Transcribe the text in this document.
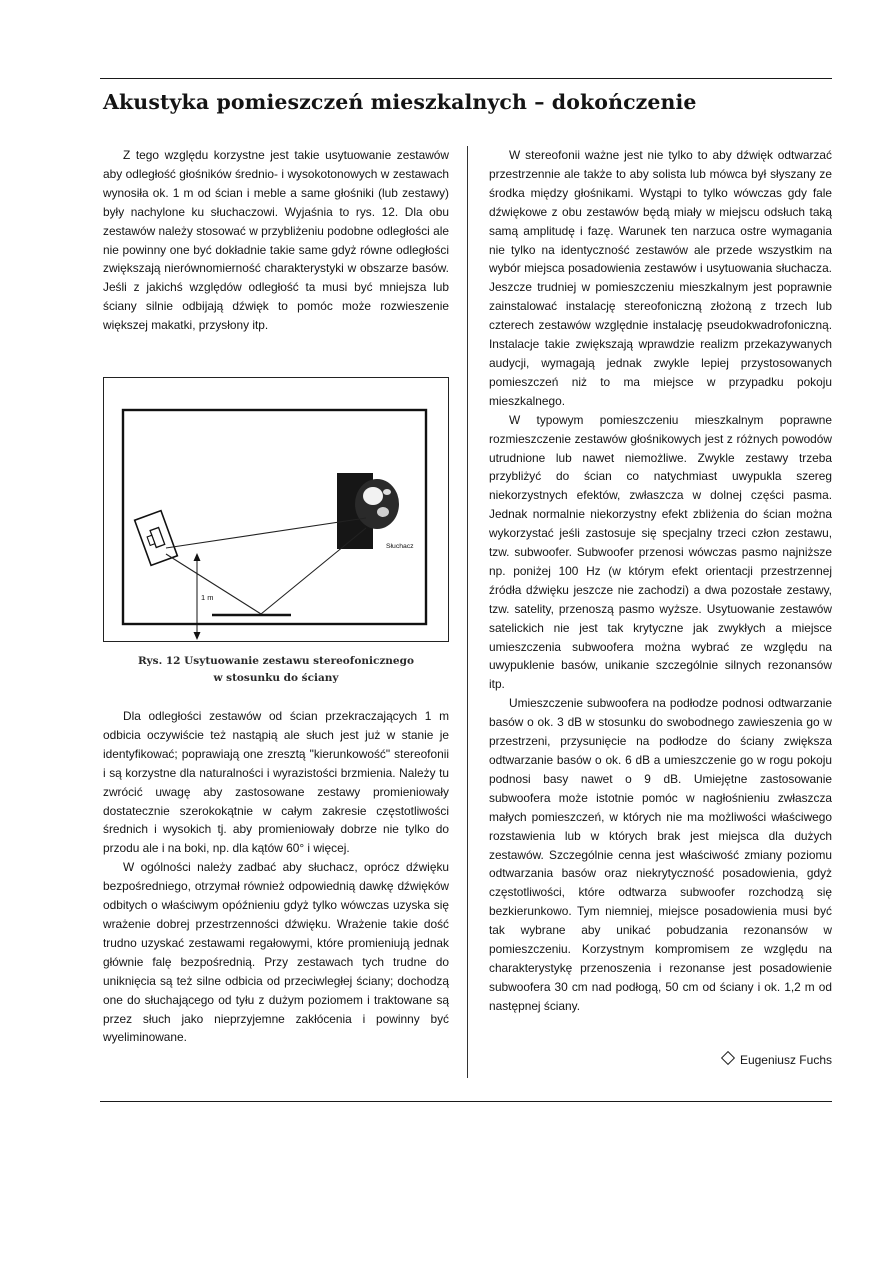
Akustyka pomieszczeń mieszkalnych – dokończenie

Z tego względu korzystne jest takie usytuowanie zestawów aby odległość głośników średnio- i wysokotonowych w zestawach wynosiła ok. 1 m od ścian i meble a same głośniki (lub zestawy) były nachylone ku słuchaczowi. Wyjaśnia to rys. 12. Dla obu zestawów należy stosować w przybliżeniu podobne odległości ale nie powinny one być dokładnie takie same gdyż równe odległości zwiększają nierównomierność charakterystyki w obszarze basów. Jeśli z jakichś względów odległość ta musi być mniejsza lub ściany silnie odbijają dźwięk to pomóc może rozwieszenie większej makatki, przysłony itp.

1 m
Słuchacz
Rys. 12 Usytuowanie zestawu stereofonicznego
w stosunku do ściany

Dla odległości zestawów od ścian przekraczających 1 m odbicia oczywiście też nastąpią ale słuch jest już w stanie je identyfikować; poprawiają one zresztą "kierunkowość" stereofonii i są korzystne dla naturalności i wyrazistości brzmienia. Należy tu zwrócić uwagę aby zastosowane zestawy promieniowały dostatecznie szerokokątnie w całym zakresie częstotliwości średnich i wysokich tj. aby promieniowały dobrze nie tylko do przodu ale i na boki, np. dla kątów 60° i więcej.

W ogólności należy zadbać aby słuchacz, oprócz dźwięku bezpośredniego, otrzymał również odpowiednią dawkę dźwięków odbitych o właściwym opóźnieniu gdyż tylko wówczas uzyska się wrażenie dobrej przestrzenności dźwięku. Wrażenie takie dość trudno uzyskać zestawami regałowymi, które promieniują jednak głównie falę bezpośrednią. Przy zestawach tych trudne do uniknięcia są też silne odbicia od przeciwległej ściany; dochodzą one do słuchającego od tyłu z dużym poziomem i traktowane są przez słuch jako nieprzyjemne zakłócenia i powinny być wyeliminowane.

W stereofonii ważne jest nie tylko to aby dźwięk odtwarzać przestrzennie ale także to aby solista lub mówca był słyszany ze środka między głośnikami. Wystąpi to tylko wówczas gdy fale dźwiękowe z obu zestawów będą miały w miejscu odsłuch taką samą amplitudę i fazę. Warunek ten narzuca ostre wymagania nie tylko na identyczność zestawów ale przede wszystkim na wybór miejsca posadowienia zestawów i usytuowania słuchacza. Jeszcze trudniej w pomieszczeniu mieszkalnym jest poprawnie zainstalować instalację stereofoniczną złożoną z trzech lub czterech zestawów względnie instalację pseudokwadrofoniczną. Instalacje takie zwiększają wprawdzie realizm przekazywanych audycji, wymagają jednak zwykle lepiej przystosowanych pomieszczeń niż to ma miejsce w przypadku pokoju mieszkalnego.

W typowym pomieszczeniu mieszkalnym poprawne rozmieszczenie zestawów głośnikowych jest z różnych powodów utrudnione lub nawet niemożliwe. Zwykle zestawy trzeba przybliżyć do ścian co natychmiast uwypukla szereg niekorzystnych efektów, zwłaszcza w dolnej części pasma. Jednak normalnie niekorzystny efekt zbliżenia do ścian można wykorzystać jeśli zastosuje się specjalny trzeci człon zestawu, tzw. subwoofer. Subwoofer przenosi wówczas pasmo najniższe np. poniżej 100 Hz (w którym efekt orientacji przestrzennej źródła dźwięku jeszcze nie zachodzi) a dwa pozostałe zestawy, tzw. satelity, przenoszą pasmo wyższe. Usytuowanie zestawów satelickich nie jest tak krytyczne jak zwykłych a miejsce umieszczenia subwoofera można wybrać ze względu na uwypuklenie basów, unikanie szczególnie silnych rezonansów itp.

Umieszczenie subwoofera na podłodze podnosi odtwarzanie basów o ok. 3 dB w stosunku do swobodnego zawieszenia go w przestrzeni, przysunięcie na podłodze do ściany zwiększa odtwarzanie basów o ok. 6 dB a umieszczenie go w rogu pokoju podnosi basy nawet o 9 dB. Umiejętne zastosowanie subwoofera może istotnie pomóc w nagłośnieniu zwłaszcza małych pomieszczeń, w których nie ma możliwości właściwego rozstawienia lub w których brak jest miejsca dla dużych zestawów. Szczególnie cenna jest właściwość zmiany poziomu odtwarzania basów oraz niekrytyczność posadowienia, gdyż częstotliwości, które odtwarza subwoofer rozchodzą się bezkierunkowo. Tym niemniej, miejsce posadowienia musi być tak wybrane aby unikać pobudzania rezonansów w pomieszczeniu. Korzystnym kompromisem ze względu na charakterystykę przenoszenia i rezonanse jest posadowienie subwoofera 30 cm nad podłogą, 50 cm od ściany i ok. 1,2 m od następnej ściany.

Eugeniusz Fuchs
